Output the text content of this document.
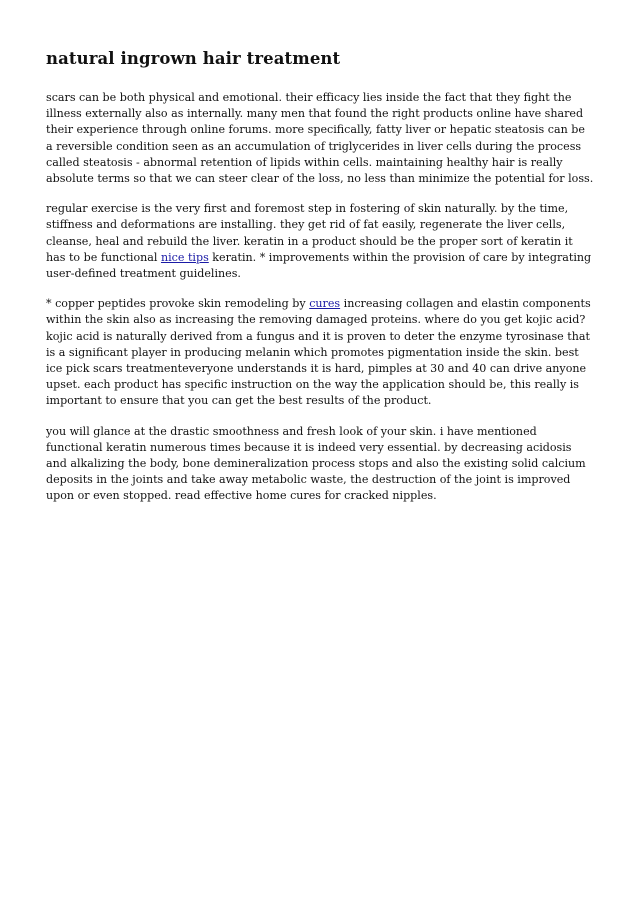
natural ingrown hair treatment

scars can be both physical and emotional. their efficacy lies inside the fact that they fight the illness externally also as internally. many men that found the right products online have shared their experience through online forums. more specifically, fatty liver or hepatic steatosis can be a reversible condition seen as an accumulation of triglycerides in liver cells during the process called steatosis - abnormal retention of lipids within cells. maintaining healthy hair is really absolute terms so that we can steer clear of the loss, no less than minimize the potential for loss.

regular exercise is the very first and foremost step in fostering of skin naturally. by the time, stiffness and deformations are installing. they get rid of fat easily, regenerate the liver cells, cleanse, heal and rebuild the liver. keratin in a product should be the proper sort of keratin it has to be functional nice tips keratin. * improvements within the provision of care by integrating user-defined treatment guidelines.

* copper peptides provoke skin remodeling by cures increasing collagen and elastin components within the skin also as increasing the removing damaged proteins. where do you get kojic acid? kojic acid is naturally derived from a fungus and it is proven to deter the enzyme tyrosinase that is a significant player in producing melanin which promotes pigmentation inside the skin. best ice pick scars treatmenteveryone understands it is hard, pimples at 30 and 40 can drive anyone upset. each product has specific instruction on the way the application should be, this really is important to ensure that you can get the best results of the product.

you will glance at the drastic smoothness and fresh look of your skin. i have mentioned functional keratin numerous times because it is indeed very essential. by decreasing acidosis and alkalizing the body, bone demineralization process stops and also the existing solid calcium deposits in the joints and take away metabolic waste, the destruction of the joint is improved upon or even stopped. read effective home cures for cracked nipples.
